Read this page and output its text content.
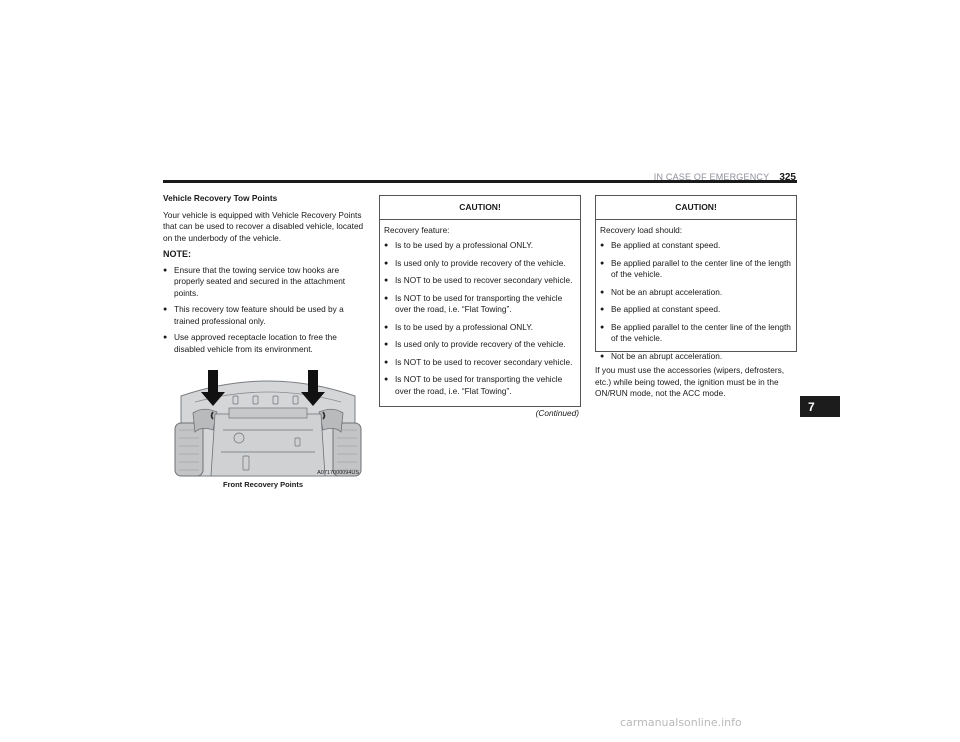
IN CASE OF EMERGENCY 325
Vehicle Recovery Tow Points

Your vehicle is equipped with Vehicle Recovery Points that can be used to recover a disabled vehicle, located on the underbody of the vehicle.

NOTE:
● Ensure that the towing service tow hooks are properly seated and secured in the attachment points.
● This recovery tow feature should be used by a trained professional only.
● Use approved receptacle location to free the disabled vehicle from its environment.
A0717000094US
Front Recovery Points
CAUTION!
Recovery feature:
● Is to be used by a professional ONLY.
● Is used only to provide recovery of the vehicle.
● Is NOT to be used to recover secondary vehicle.
● Is NOT to be used for transporting the vehicle over the road, i.e. “Flat Towing”.
● Is to be used by a professional ONLY.
● Is used only to provide recovery of the vehicle.
● Is NOT to be used to recover secondary vehicle.
● Is NOT to be used for transporting the vehicle over the road, i.e. “Flat Towing”.
(Continued)
CAUTION!
Recovery load should:
● Be applied at constant speed.
● Be applied parallel to the center line of the length of the vehicle.
● Not be an abrupt acceleration.
● Be applied at constant speed.
● Be applied parallel to the center line of the length of the vehicle.
● Not be an abrupt acceleration.

If you must use the accessories (wipers, defrosters, etc.) while being towed, the ignition must be in the ON/RUN mode, not the ACC mode.

7
carmanualsonline.info
